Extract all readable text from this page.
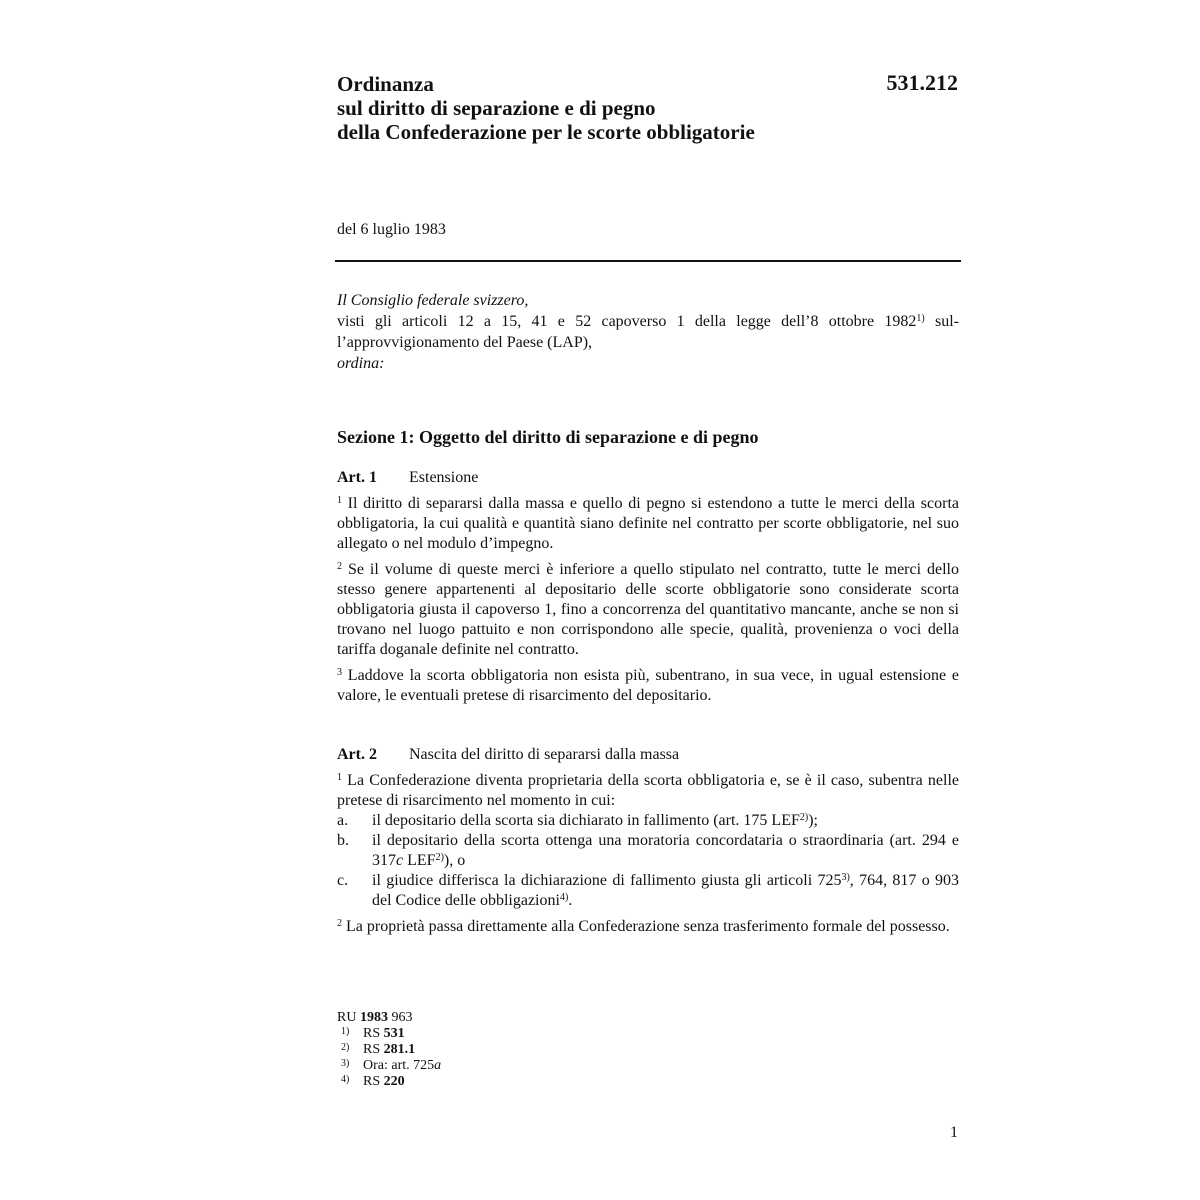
Ordinanza
sul diritto di separazione e di pegno
della Confederazione per le scorte obbligatorie
531.212
del 6 luglio 1983
Il Consiglio federale svizzero,
visti gli articoli 12 a 15, 41 e 52 capoverso 1 della legge dell’8 ottobre 1982$^{1)}$ sull’approvvigionamento del Paese (LAP),
ordina:
Sezione 1: Oggetto del diritto di separazione e di pegno
Art. 1 Estensione
$^1$ Il diritto di separarsi dalla massa e quello di pegno si estendono a tutte le merci della scorta obbligatoria, la cui qualità e quantità siano definite nel contratto per scorte obbligatorie, nel suo allegato o nel modulo d’impegno.
$^2$ Se il volume di queste merci è inferiore a quello stipulato nel contratto, tutte le merci dello stesso genere appartenenti al depositario delle scorte obbligatorie sono considerate scorta obbligatoria giusta il capoverso 1, fino a concorrenza del quantitativo mancante, anche se non si trovano nel luogo pattuito e non corrispondono alle specie, qualità, provenienza o voci della tariffa doganale definite nel contratto.
$^3$ Laddove la scorta obbligatoria non esista più, subentrano, in sua vece, in ugual estensione e valore, le eventuali pretese di risarcimento del depositario.
Art. 2 Nascita del diritto di separarsi dalla massa
$^1$ La Confederazione diventa proprietaria della scorta obbligatoria e, se è il caso, subentra nelle pretese di risarcimento nel momento in cui:
a.	il depositario della scorta sia dichiarato in fallimento (art. 175 LEF$^{2)}$);
b.	il depositario della scorta ottenga una moratoria concordataria o straordinaria (art. 294 e 317c LEF$^{2)}$), o
c.	il giudice differisca la dichiarazione di fallimento giusta gli articoli 725$^{3)}$, 764, 817 o 903 del Codice delle obbligazioni$^{4)}$.
$^2$ La proprietà passa direttamente alla Confederazione senza trasferimento formale del possesso.
RU 1983 963
1) RS 531
2) RS 281.1
3) Ora: art. 725a
4) RS 220
1
